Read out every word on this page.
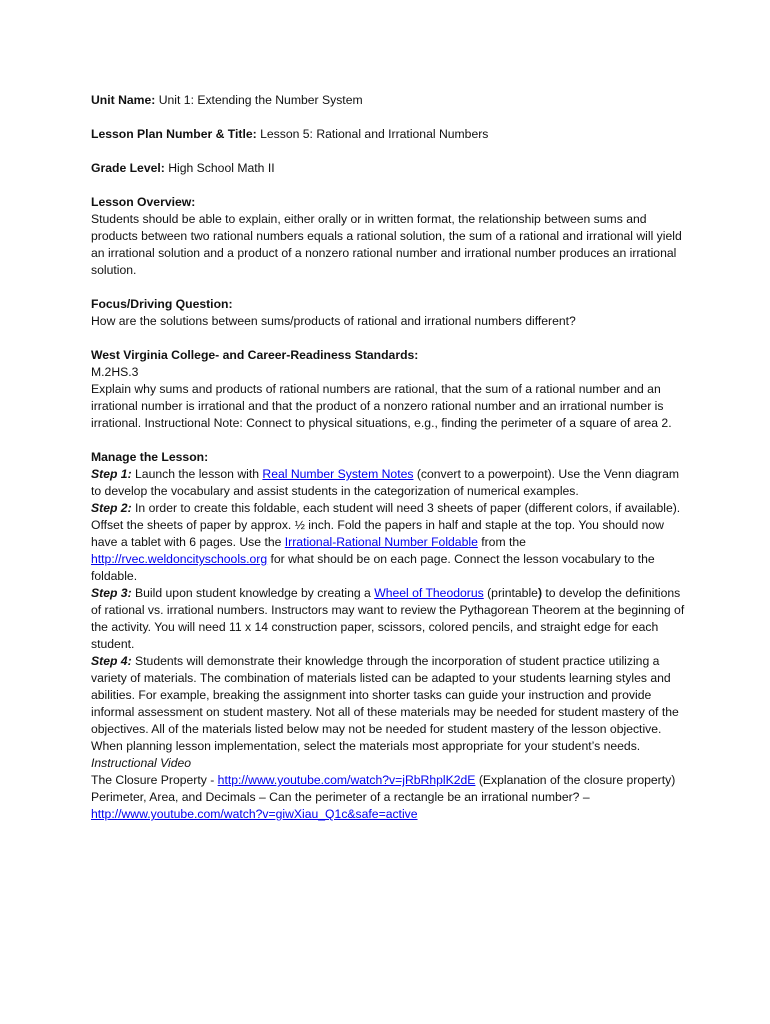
Unit Name: Unit 1: Extending the Number System
Lesson Plan Number & Title: Lesson 5: Rational and Irrational Numbers
Grade Level: High School Math II
Lesson Overview:
Students should be able to explain, either orally or in written format, the relationship between sums and products between two rational numbers equals a rational solution, the sum of a rational and irrational will yield an irrational solution and a product of a nonzero rational number and irrational number produces an irrational solution.
Focus/Driving Question:
How are the solutions between sums/products of rational and irrational numbers different?
West Virginia College- and Career-Readiness Standards:
M.2HS.3
Explain why sums and products of rational numbers are rational, that the sum of a rational number and an irrational number is irrational and that the product of a nonzero rational number and an irrational number is irrational. Instructional Note: Connect to physical situations, e.g., finding the perimeter of a square of area 2.
Manage the Lesson:
Step 1: Launch the lesson with Real Number System Notes (convert to a powerpoint). Use the Venn diagram to develop the vocabulary and assist students in the categorization of numerical examples.
Step 2: In order to create this foldable, each student will need 3 sheets of paper (different colors, if available). Offset the sheets of paper by approx. ½ inch. Fold the papers in half and staple at the top. You should now have a tablet with 6 pages. Use the Irrational-Rational Number Foldable from the http://rvec.weldoncityschools.org for what should be on each page. Connect the lesson vocabulary to the foldable.
Step 3: Build upon student knowledge by creating a Wheel of Theodorus (printable) to develop the definitions of rational vs. irrational numbers. Instructors may want to review the Pythagorean Theorem at the beginning of the activity. You will need 11 x 14 construction paper, scissors, colored pencils, and straight edge for each student.
Step 4: Students will demonstrate their knowledge through the incorporation of student practice utilizing a variety of materials. The combination of materials listed can be adapted to your students learning styles and abilities. For example, breaking the assignment into shorter tasks can guide your instruction and provide informal assessment on student mastery. Not all of these materials may be needed for student mastery of the objectives. All of the materials listed below may not be needed for student mastery of the lesson objective. When planning lesson implementation, select the materials most appropriate for your student’s needs.
Instructional Video
The Closure Property - http://www.youtube.com/watch?v=jRbRhplK2dE (Explanation of the closure property)
Perimeter, Area, and Decimals – Can the perimeter of a rectangle be an irrational number? –
http://www.youtube.com/watch?v=giwXiau_Q1c&safe=active
